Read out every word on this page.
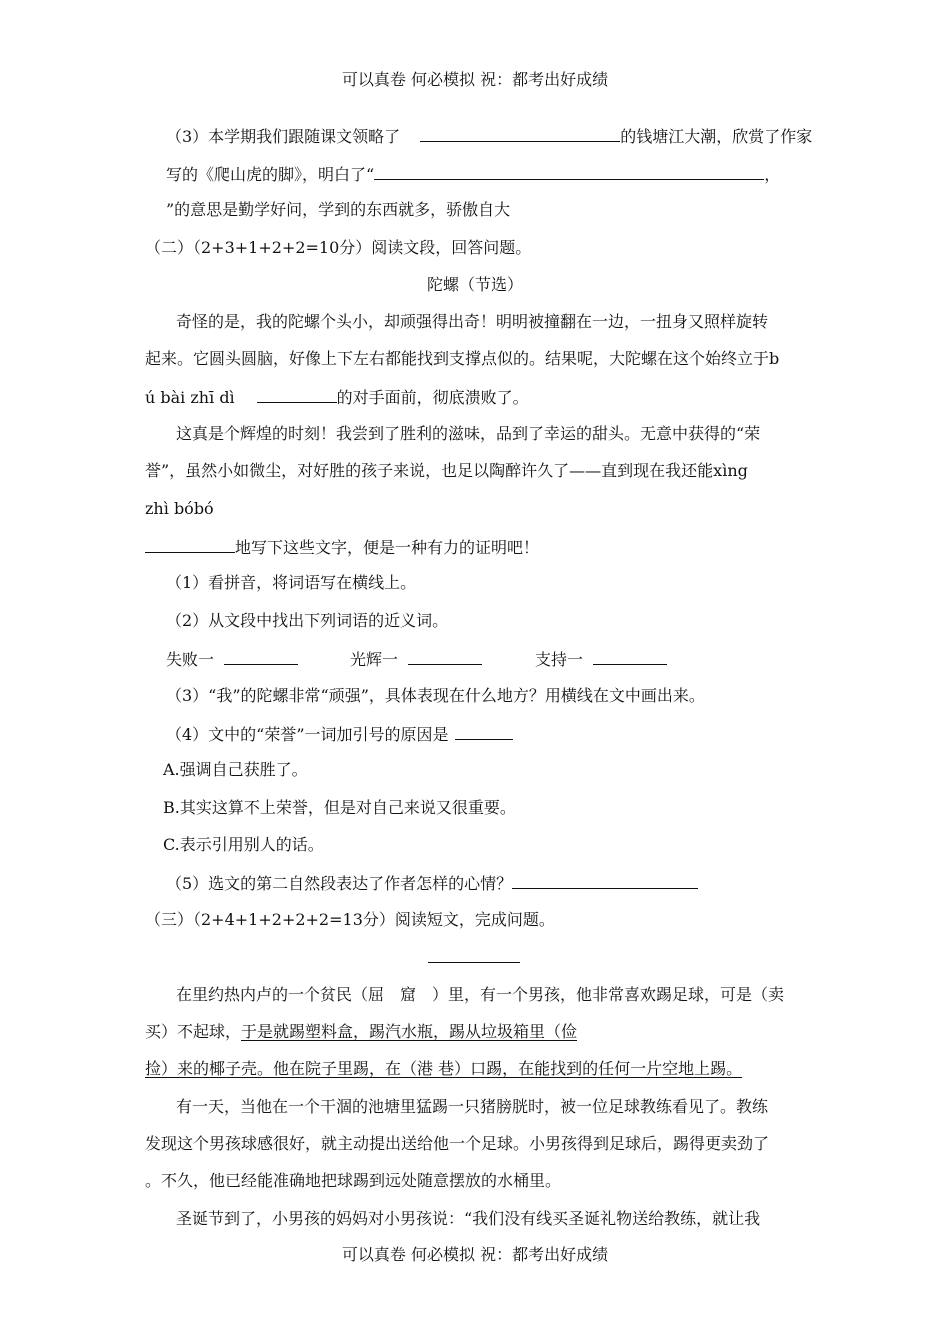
可以真卷 何必模拟 祝：都考出好成绩
（3）本学期我们跟随课文领略了	的钱塘江大潮，欣赏了作家
写的《爬山虎的脚》，明白了“	，
”的意思是勤学好问，学到的东西就多，骄傲自大
（二）（2+3+1+2+2=10分）阅读文段，回答问题。
陀螺（节选）
奇怪的是，我的陀螺个头小，却顽强得出奇！明明被撞翻在一边，一扭身又照样旋转
起来。它圆头圆脑，好像上下左右都能找到支撑点似的。结果呢，大陀螺在这个始终立于b
ú bài zhī dì	的对手面前，彻底溃败了。
这真是个辉煌的时刻！我尝到了胜利的滋味，品到了幸运的甜头。无意中获得的“荣
誉”，虽然小如微尘，对好胜的孩子来说，也足以陶醉许久了——直到现在我还能xìng
zhì bóbó
地写下这些文字，便是一种有力的证明吧！
（1）看拼音，将词语写在横线上。
（2）从文段中找出下列词语的近义词。
失败一	光辉一	支持一
（3）“我”的陀螺非常“顽强”，具体表现在什么地方？用横线在文中画出来。
（4）文中的“荣誉”一词加引号的原因是
A.强调自己获胜了。
B.其实这算不上荣誉，但是对自己来说又很重要。
C.表示引用别人的话。
（5）选文的第二自然段表达了作者怎样的心情？
（三）（2+4+1+2+2+2=13分）阅读短文，完成问题。
在里约热内卢的一个贫民（屈　窟　）里，有一个男孩，他非常喜欢踢足球，可是（卖
买）不起球，于是就踢塑料盒，踢汽水瓶，踢从垃圾箱里（俭
捡）来的椰子壳。他在院子里踢，在（港 巷）口踢，在能找到的任何一片空地上踢。
有一天，当他在一个干涸的池塘里猛踢一只猪膀胱时，被一位足球教练看见了。教练
发现这个男孩球感很好，就主动提出送给他一个足球。小男孩得到足球后，踢得更卖劲了
。不久，他已经能准确地把球踢到远处随意摆放的水桶里。
圣诞节到了，小男孩的妈妈对小男孩说：“我们没有线买圣诞礼物送给教练，就让我
可以真卷 何必模拟 祝：都考出好成绩
